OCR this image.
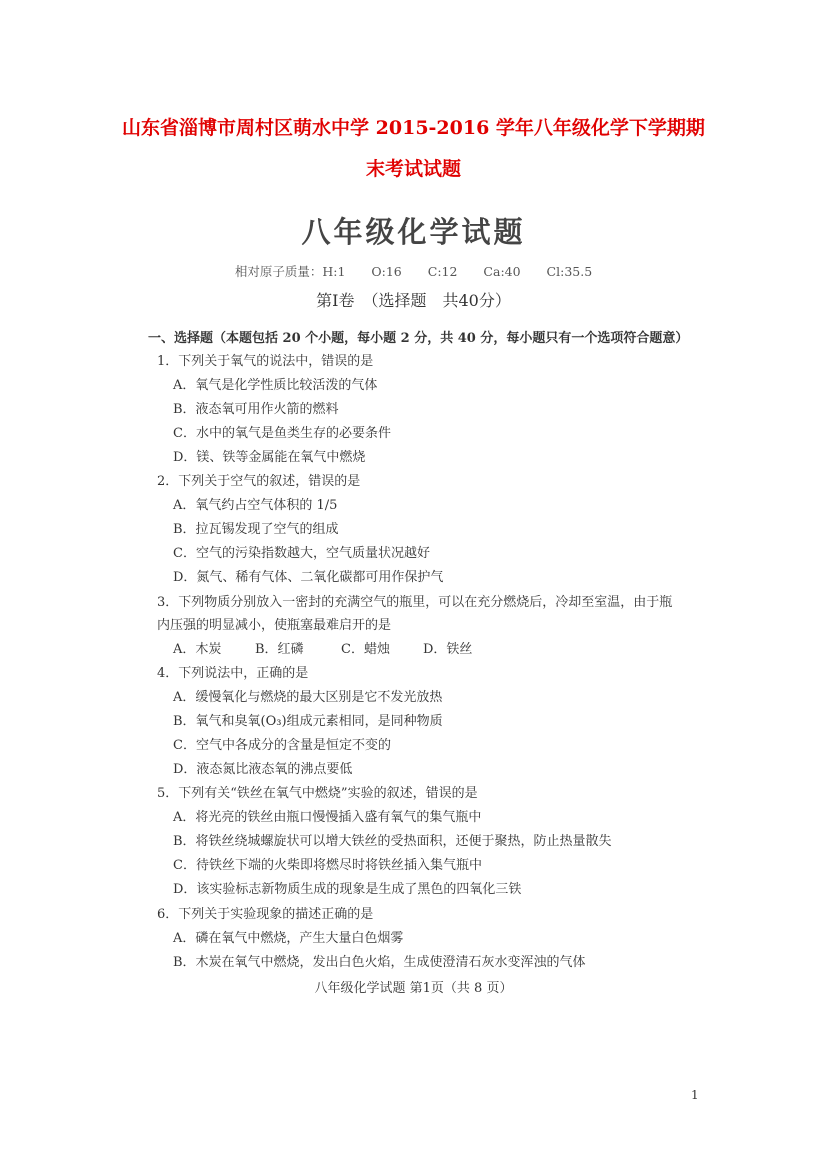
山东省淄博市周村区萌水中学 2015-2016 学年八年级化学下学期期
末考试试题
八年级化学试题
相对原子质量：H:1 O:16 C:12 Ca:40 Cl:35.5
第Ⅰ卷　（选择题　共40分）
一、选择题（本题包括 20 个小题，每小题 2 分，共 40 分，每小题只有一个选项符合题意）
1．下列关于氧气的说法中，错误的是
A．氧气是化学性质比较活泼的气体
B．液态氧可用作火箭的燃料
C．水中的氧气是鱼类生存的必要条件
D．镁、铁等金属能在氧气中燃烧
2．下列关于空气的叙述，错误的是
A．氧气约占空气体积的 1/5
B．拉瓦锡发现了空气的组成
C．空气的污染指数越大，空气质量状况越好
D．氮气、稀有气体、二氧化碳都可用作保护气
3．下列物质分别放入一密封的充满空气的瓶里，可以在充分燃烧后，冷却至室温，由于瓶
内压强的明显减小，使瓶塞最难启开的是
A．木炭	B．红磷	C．蜡烛	D．铁丝
4．下列说法中，正确的是
A．缓慢氧化与燃烧的最大区别是它不发光放热
B．氧气和臭氧(O₃)组成元素相同，是同种物质
C．空气中各成分的含量是恒定不变的
D．液态氮比液态氧的沸点要低
5．下列有关“铁丝在氧气中燃烧”实验的叙述，错误的是
A．将光亮的铁丝由瓶口慢慢插入盛有氧气的集气瓶中
B．将铁丝绕城螺旋状可以增大铁丝的受热面积，还便于聚热，防止热量散失
C．待铁丝下端的火柴即将燃尽时将铁丝插入集气瓶中
D．该实验标志新物质生成的现象是生成了黑色的四氧化三铁
6．下列关于实验现象的描述正确的是
A．磷在氧气中燃烧，产生大量白色烟雾
B．木炭在氧气中燃烧，发出白色火焰，生成使澄清石灰水变浑浊的气体
八年级化学试题 第1页（共 8 页）
1
